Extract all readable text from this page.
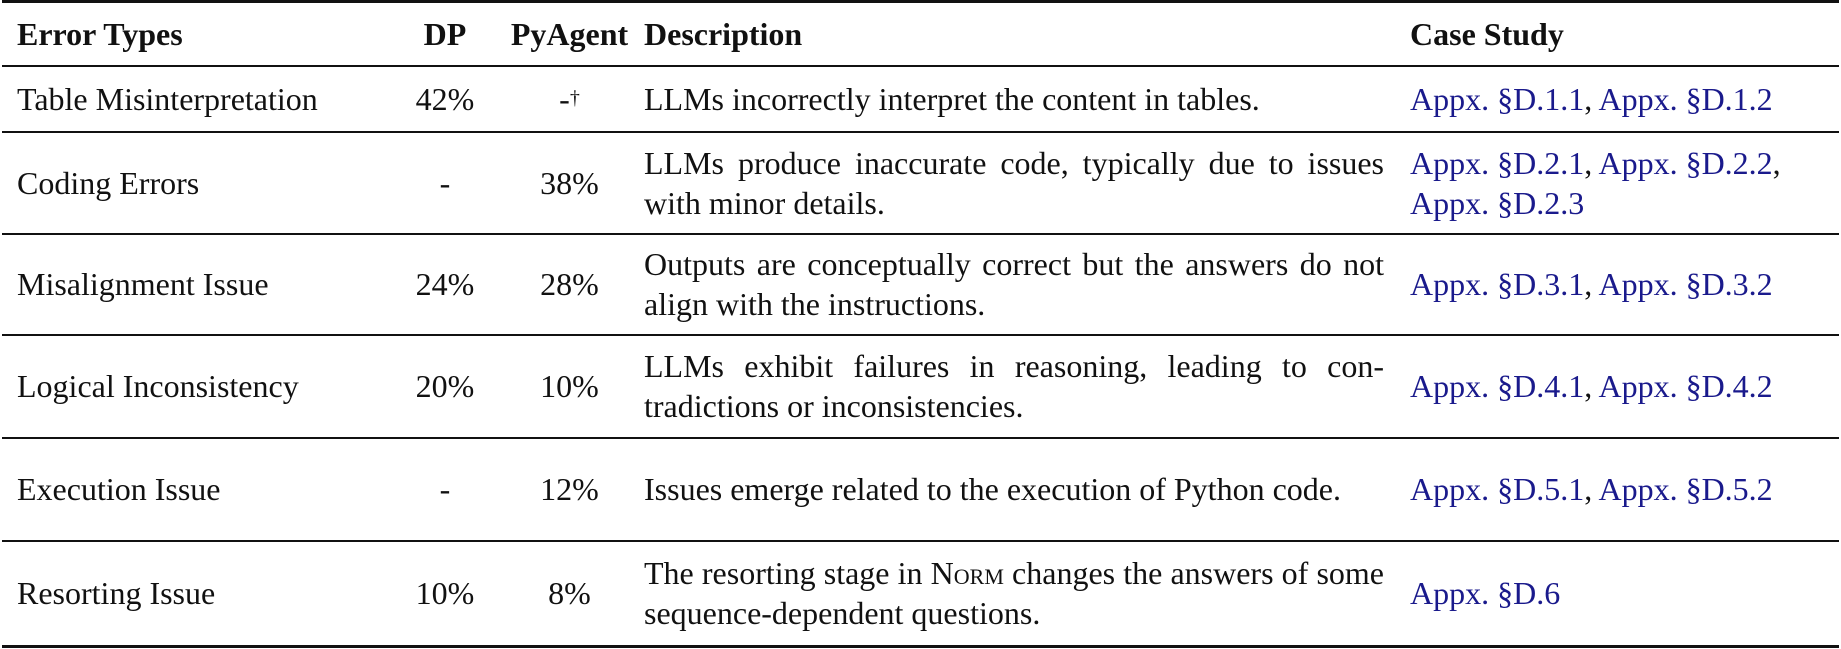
Error Types	DP	PyAgent	Description	Case Study
Table Misinterpretation	42%	-†	LLMs incorrectly interpret the content in tables.	Appx. §D.1.1, Appx. §D.1.2
Coding Errors	-	38%	LLMs produce inaccurate code, typically due to issues with minor details.	Appx. §D.2.1, Appx. §D.2.2,
Appx. §D.2.3
Misalignment Issue	24%	28%	Outputs are conceptually correct but the answers do not align with the instructions.	Appx. §D.3.1, Appx. §D.3.2
Logical Inconsistency	20%	10%	LLMs exhibit failures in reasoning, leading to contradictions or inconsistencies.	Appx. §D.4.1, Appx. §D.4.2
Execution Issue	-	12%	Issues emerge related to the execution of Python code.	Appx. §D.5.1, Appx. §D.5.2
Resorting Issue	10%	8%	The resorting stage in Norm changes the answers of some sequence-dependent questions.	Appx. §D.6
